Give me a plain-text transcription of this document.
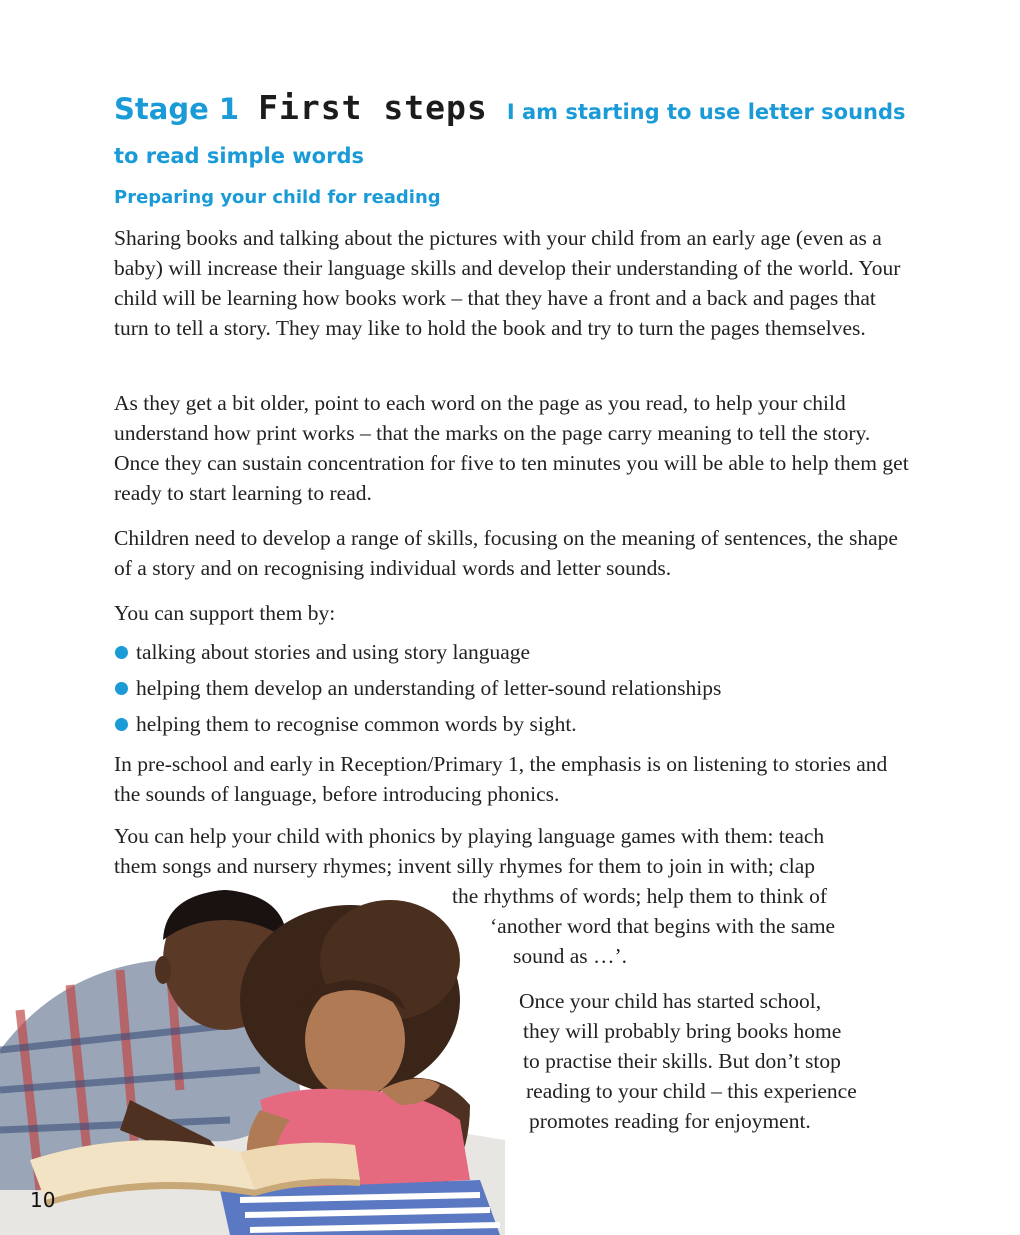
Stage 1 First steps I am starting to use letter sounds to read simple words
Preparing your child for reading

Sharing books and talking about the pictures with your child from an early age (even as a baby) will increase their language skills and develop their understanding of the world. Your child will be learning how books work – that they have a front and a back and pages that turn to tell a story. They may like to hold the book and try to turn the pages themselves.

As they get a bit older, point to each word on the page as you read, to help your child understand how print works – that the marks on the page carry meaning to tell the story. Once they can sustain concentration for five to ten minutes you will be able to help them get ready to start learning to read.

Children need to develop a range of skills, focusing on the meaning of sentences, the shape of a story and on recognising individual words and letter sounds.

You can support them by:

talking about stories and using story language
helping them develop an understanding of letter-sound relationships
helping them to recognise common words by sight.

In pre-school and early in Reception/Primary 1, the emphasis is on listening to stories and the sounds of language, before introducing phonics.

You can help your child with phonics by playing language games with them: teach

them songs and nursery rhymes; invent silly rhymes for them to join in with; clap

the rhythms of words; help them to think of

‘another word that begins with the same

sound as …’.

Once your child has started school,

they will probably bring books home

to practise their skills. But don’t stop

reading to your child – this experience

promotes reading for enjoyment.

10
